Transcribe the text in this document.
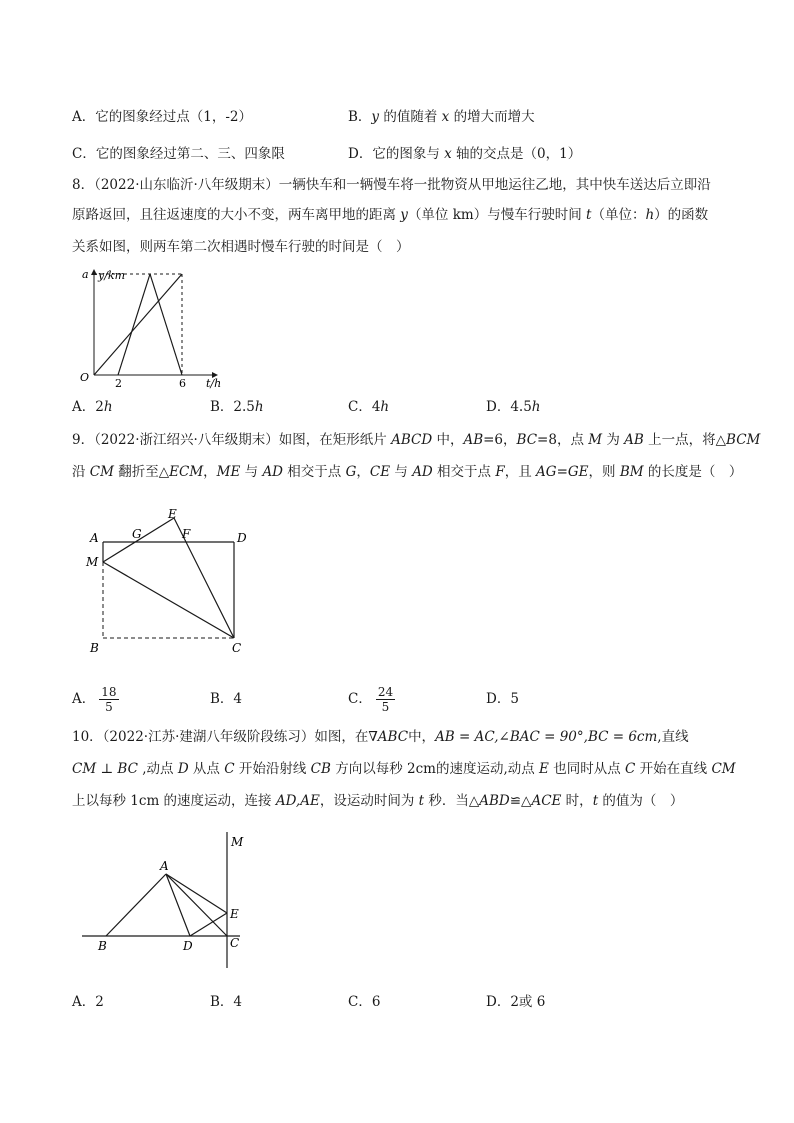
A．它的图象经过点（1，-2）	B．y 的值随着 x 的增大而增大
C．它的图象经过第二、三、四象限	D．它的图象与 x 轴的交点是（0，1）
8．（2022·山东临沂·八年级期末）一辆快车和一辆慢车将一批物资从甲地运往乙地，其中快车送达后立即沿
原路返回，且往返速度的大小不变，两车离甲地的距离 y（单位 km）与慢车行驶时间 t（单位：h）的函数
关系如图，则两车第二次相遇时慢车行驶的时间是（　）
y/km
a
O 2	6 t/h
A．2h	B．2.5h	C．4h	D．4.5h
9．（2022·浙江绍兴·八年级期末）如图，在矩形纸片 ABCD 中，AB=6，BC=8，点 M 为 AB 上一点，将△BCM
沿 CM 翻折至△ECM，ME 与 AD 相交于点 G，CE 与 AD 相交于点 F，且 AG=GE，则 BM 的长度是（　）
A	G
E
F	D
M
B	C
A． $\frac{18}{5}$	B．4	C． $\frac{24}{5}$	D．5
10．（2022·江苏·建湖八年级阶段练习）如图，在∇ABC中，AB = AC,∠BAC = 90°,BC = 6cm,直线
CM ⊥ BC ,动点 D 从点 C 开始沿射线 CB 方向以每秒 2cm的速度运动,动点 E 也同时从点 C 开始在直线 CM
上以每秒 1cm 的速度运动，连接 AD,AE，设运动时间为 t 秒．当△ABD≌△ACE 时，t 的值为（　）
A
B	D	C
E
M
A．2	B．4	C．6	D．2或 6
